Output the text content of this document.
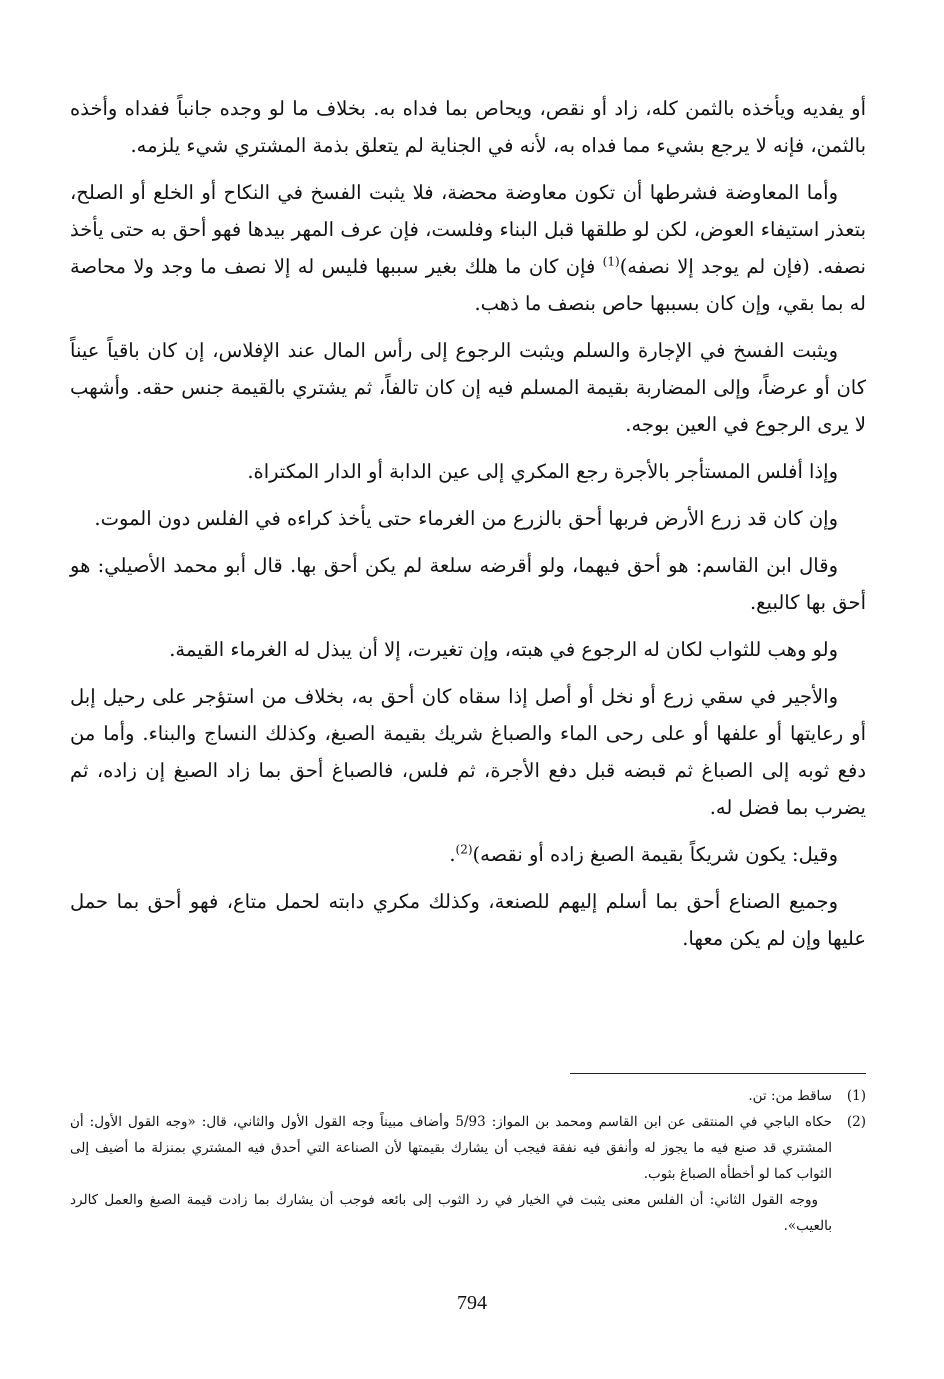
أو يفديه ويأخذه بالثمن كله، زاد أو نقص، ويحاص بما فداه به. بخلاف ما لو وجده جانباً ففداه وأخذه بالثمن، فإنه لا يرجع بشيء مما فداه به، لأنه في الجناية لم يتعلق بذمة المشتري شيء يلزمه.

وأما المعاوضة فشرطها أن تكون معاوضة محضة، فلا يثبت الفسخ في النكاح أو الخلع أو الصلح، بتعذر استيفاء العوض، لكن لو طلقها قبل البناء وفلست، فإن عرف المهر بيدها فهو أحق به حتى يأخذ نصفه. (فإن لم يوجد إلا نصفه)$^{(1)}$ فإن كان ما هلك بغير سببها فليس له إلا نصف ما وجد ولا محاصة له بما بقي، وإن كان بسببها حاص بنصف ما ذهب.

ويثبت الفسخ في الإجارة والسلم ويثبت الرجوع إلى رأس المال عند الإفلاس، إن كان باقياً عيناً كان أو عرضاً، وإلى المضاربة بقيمة المسلم فيه إن كان تالفاً، ثم يشتري بالقيمة جنس حقه. وأشهب لا يرى الرجوع في العين بوجه.

وإذا أفلس المستأجر بالأجرة رجع المكري إلى عين الدابة أو الدار المكتراة.

وإن كان قد زرع الأرض فربها أحق بالزرع من الغرماء حتى يأخذ كراءه في الفلس دون الموت.

وقال ابن القاسم: هو أحق فيهما، ولو أقرضه سلعة لم يكن أحق بها. قال أبو محمد الأصيلي: هو أحق بها كالبيع.

ولو وهب للثواب لكان له الرجوع في هبته، وإن تغيرت، إلا أن يبذل له الغرماء القيمة.

والأجير في سقي زرع أو نخل أو أصل إذا سقاه كان أحق به، بخلاف من استؤجر على رحيل إبل أو رعايتها أو علفها أو على رحى الماء والصباغ شريك بقيمة الصبغ، وكذلك النساج والبناء. وأما من دفع ثوبه إلى الصباغ ثم قبضه قبل دفع الأجرة، ثم فلس، فالصباغ أحق بما زاد الصبغ إن زاده، ثم يضرب بما فضل له.

وقيل: يكون شريكاً بقيمة الصبغ زاده أو نقصه)$^{(2)}$.

وجميع الصناع أحق بما أسلم إليهم للصنعة، وكذلك مكري دابته لحمل متاع، فهو أحق بما حمل عليها وإن لم يكن معها.

(1)

ساقط من: تن.

(2)

حكاه الباجي في المنتقى عن ابن القاسم ومحمد بن المواز: 5/93 وأضاف مبيناً وجه القول الأول والثاني، قال: «وجه القول الأول: أن المشتري قد صنع فيه ما يجوز له وأنفق فيه نفقة فيجب أن يشارك بقيمتها لأن الصناعة التي أحدق فيه المشتري بمنزلة ما أضيف إلى الثواب كما لو أخطأه الصباغ بثوب.

ووجه القول الثاني: أن الفلس معنى يثبت في الخيار في رد الثوب إلى بائعه فوجب أن يشارك بما زادت قيمة الصبغ والعمل كالرد بالعيب».

794
